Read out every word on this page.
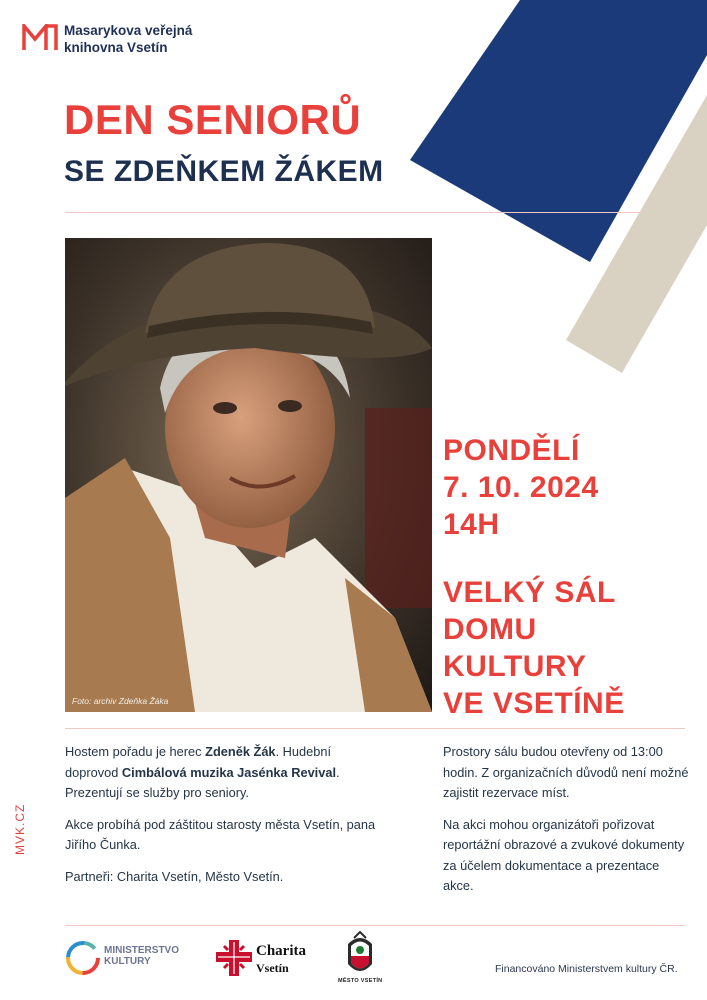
Masarykova veřejná
knihovna Vsetín
DEN SENIORŮ
SE ZDEŇKEM ŽÁKEM
Foto: archiv Zdeňka Žáka
PONDĚLÍ
7. 10. 2024
14H
VELKÝ SÁL
DOMU
KULTURY
VE VSETÍNĚ

Hostem pořadu je herec Zdeněk Žák. Hudební doprovod Cimbálová muzika Jasénka Revival. Prezentují se služby pro seniory.

Akce probíhá pod záštitou starosty města Vsetín, pana Jiřího Čunka.

Partneři: Charita Vsetín, Město Vsetín.

Prostory sálu budou otevřeny od 13:00 hodin. Z organizačních důvodů není možné zajistit rezervace míst.

Na akci mohou organizátoři pořizovat reportážní obrazové a zvukové dokumenty za účelem dokumentace a prezentace akce.

MVK.CZ
MINISTERSTVO
KULTURY
Charita
Vsetín
MĚSTO VSETÍN
Financováno Ministerstvem kultury ČR.
